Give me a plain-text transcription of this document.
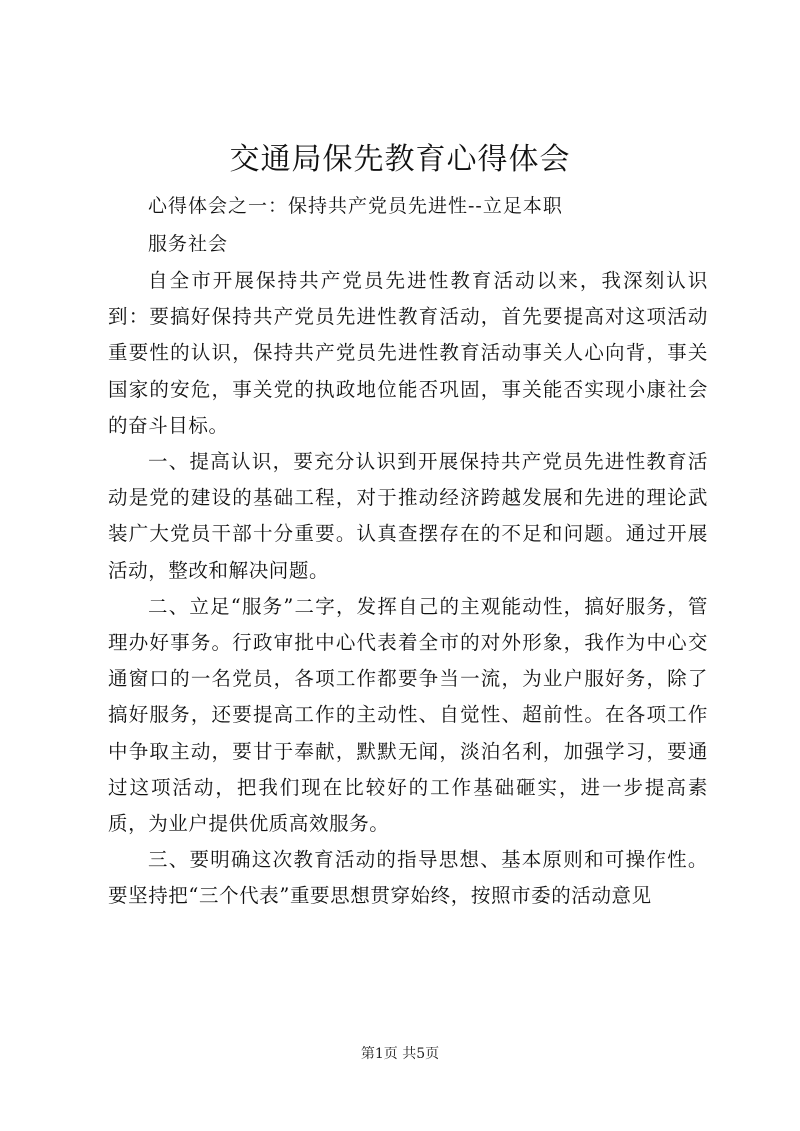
交通局保先教育心得体会

心得体会之一：保持共产党员先进性--立足本职

服务社会

自全市开展保持共产党员先进性教育活动以来，我深刻认识到：要搞好保持共产党员先进性教育活动，首先要提高对这项活动重要性的认识，保持共产党员先进性教育活动事关人心向背，事关国家的安危，事关党的执政地位能否巩固，事关能否实现小康社会的奋斗目标。

一、提高认识，要充分认识到开展保持共产党员先进性教育活动是党的建设的基础工程，对于推动经济跨越发展和先进的理论武装广大党员干部十分重要。认真查摆存在的不足和问题。通过开展活动，整改和解决问题。

二、立足“服务”二字，发挥自己的主观能动性，搞好服务，管理办好事务。行政审批中心代表着全市的对外形象，我作为中心交通窗口的一名党员，各项工作都要争当一流，为业户服好务，除了搞好服务，还要提高工作的主动性、自觉性、超前性。在各项工作中争取主动，要甘于奉献，默默无闻，淡泊名利，加强学习，要通过这项活动，把我们现在比较好的工作基础砸实，进一步提高素质，为业户提供优质高效服务。

三、要明确这次教育活动的指导思想、基本原则和可操作性。要坚持把“三个代表”重要思想贯穿始终，按照市委的活动意见

第1页 共5页
